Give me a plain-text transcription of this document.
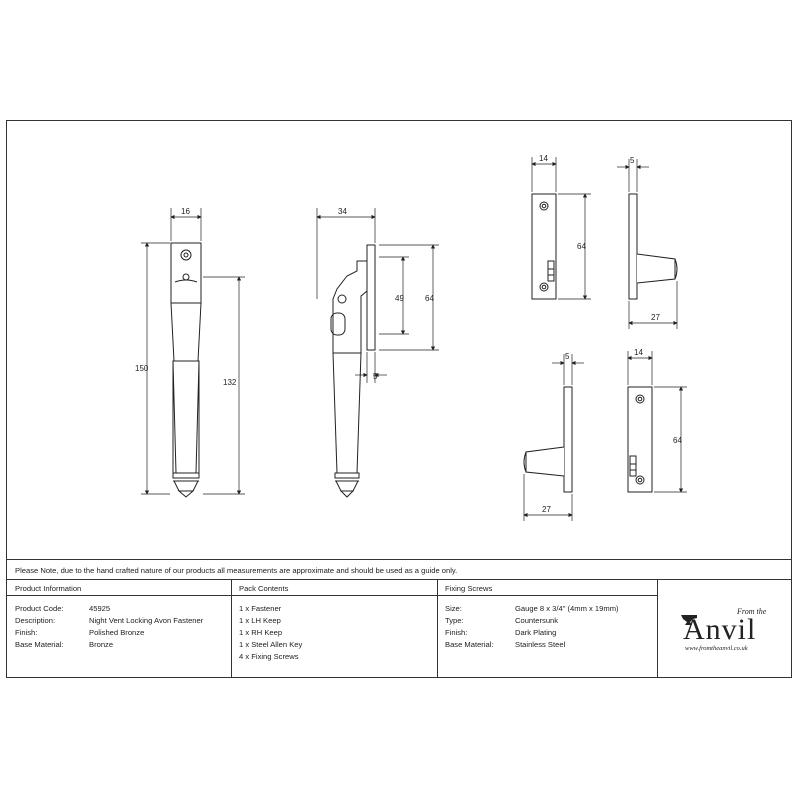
16
150
132
34
49	64
5
14
64
5
27
5
27
14
64
Please Note, due to the hand crafted nature of our products all measurements are approximate and should be used as a guide only.
Product Information
Product Code:	45925
Description:	Night Vent Locking Avon Fastener
Finish:	Polished Bronze
Base Material:	Bronze
Pack Contents
1 x Fastener
1 x LH Keep
1 x RH Keep
1 x Steel Allen Key
4 x Fixing Screws
Fixing Screws
Size:	Gauge 8 x 3/4" (4mm x 19mm)
Type:	Countersunk
Finish:	Dark Plating
Base Material:	Stainless Steel
From the
Anvil
www.fromtheanvil.co.uk
